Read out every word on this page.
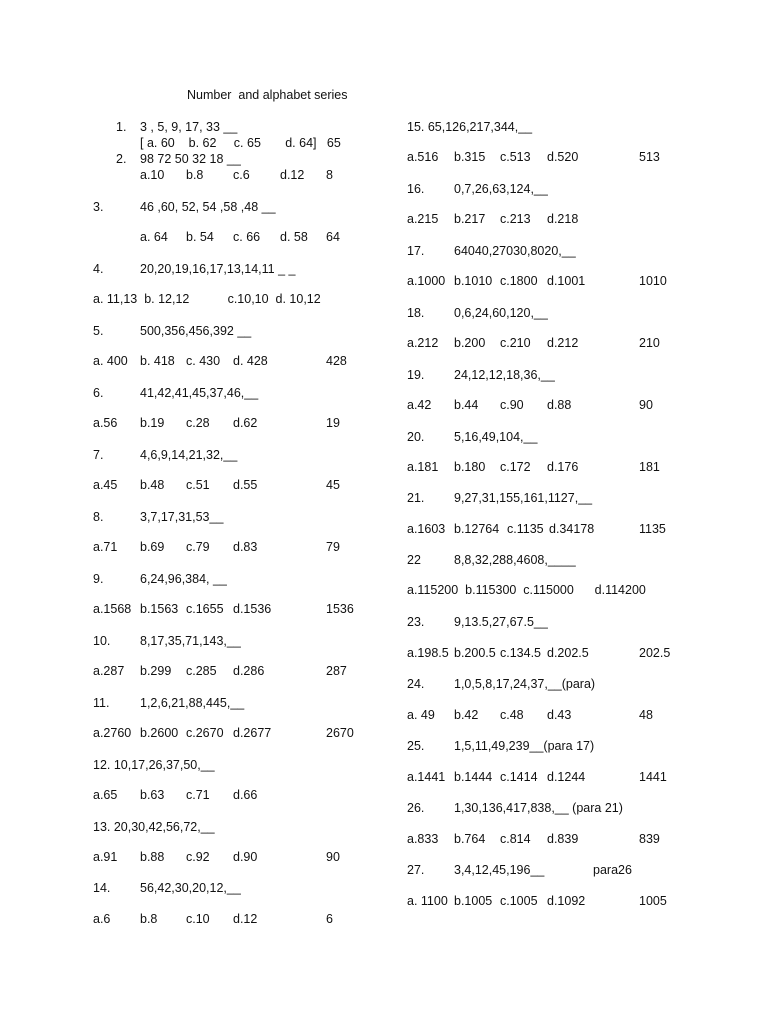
Number  and alphabet series
1. 3 , 5, 9, 17, 33 __
[ a. 60    b. 62     c. 65       d. 64]   65
2. 98 72 50 32 18 __
a.10 b.8 c.6 d.12 8
3.	46 ,60, 52, 54 ,58 ,48 __
a. 64 b. 54 c. 66 d. 58 64
4.	20,20,19,16,17,13,14,11 _ _
a. 11,13  b. 12,12           c.10,10  d. 10,12
5.	500,356,456,392 __
a. 400 b. 418 c. 430 d. 428	428
6.	41,42,41,45,37,46,__
a.56 b.19 c.28 d.62	19
7.	4,6,9,14,21,32,__
a.45 b.48 c.51 d.55	45
8.	3,7,17,31,53__
a.71 b.69 c.79 d.83	79
9.	6,24,96,384, __
a.1568 b.1563 c.1655 d.1536	1536
10. 8,17,35,71,143,__
a.287 b.299 c.285 d.286	287
11. 1,2,6,21,88,445,__
a.2760 b.2600 c.2670 d.2677	2670
12. 10,17,26,37,50,__
a.65 b.63 c.71 d.66
13. 20,30,42,56,72,__
a.91 b.88 c.92 d.90	90
14. 56,42,30,20,12,__
a.6 b.8 c.10 d.12	6
15. 65,126,217,344,__
a.516 b.315 c.513 d.520	513
16. 0,7,26,63,124,__
a.215 b.217 c.213 d.218
17. 64040,27030,8020,__
a.1000 b.1010 c.1800 d.1001	1010
18. 0,6,24,60,120,__
a.212 b.200 c.210 d.212	210
19. 24,12,12,18,36,__
a.42 b.44 c.90 d.88	90
20. 5,16,49,104,__
a.181 b.180 c.172 d.176	181
21. 9,27,31,155,161,1127,__
a.1603 b.12764 c.1135 d.34178	1135
22	8,8,32,288,4608,____
a.115200  b.115300  c.115000      d.114200
23. 9,13.5,27,67.5__
a.198.5 b.200.5 c.134.5 d.202.5	202.5
24. 1,0,5,8,17,24,37,__(para)
a. 49 b.42 c.48 d.43	48
25. 1,5,11,49,239__(para 17)
a.1441 b.1444 c.1414 d.1244	1441
26. 1,30,136,417,838,__ (para 21)
a.833 b.764 c.814 d.839	839
27. 3,4,12,45,196__	para26
a. 1100 b.1005 c.1005 d.1092	1005
